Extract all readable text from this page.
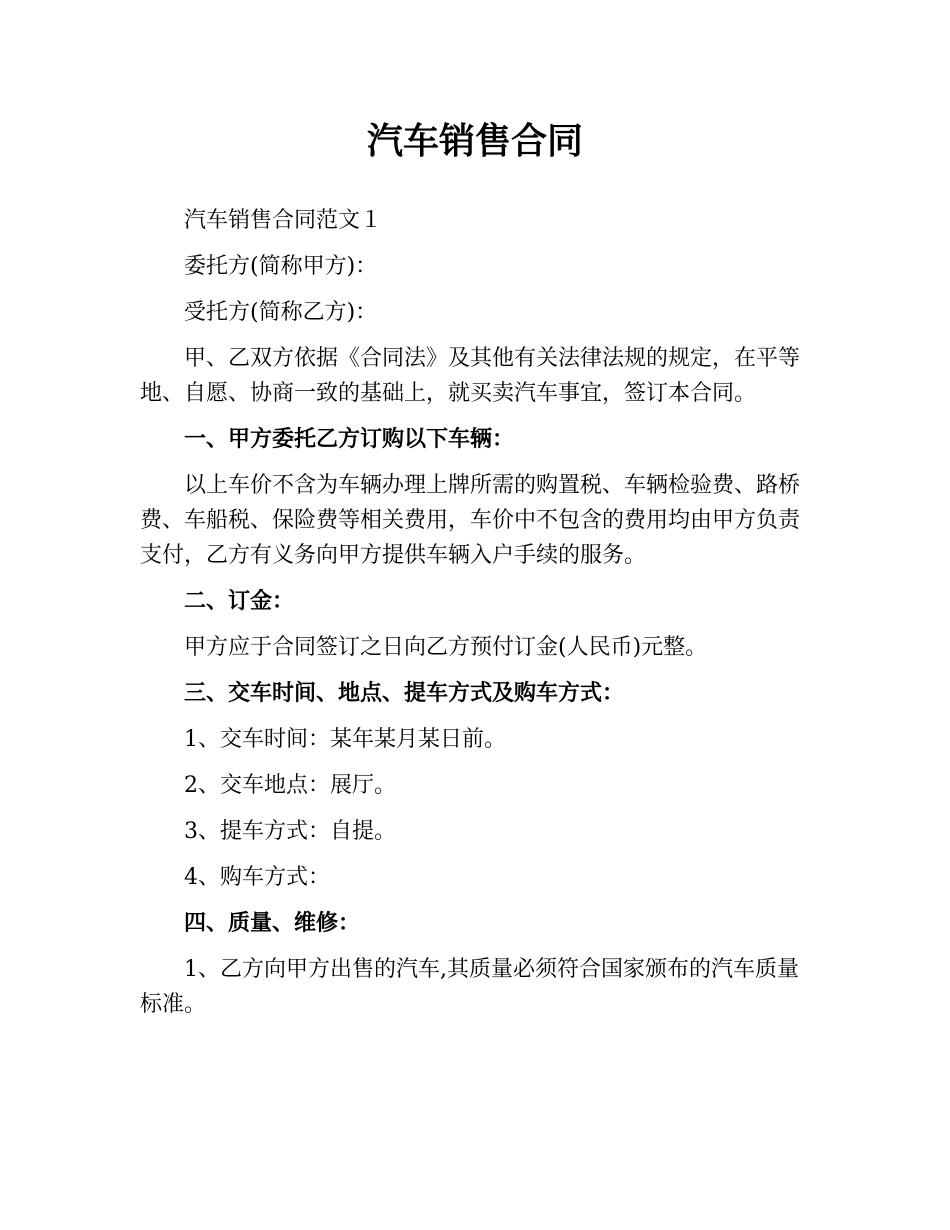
汽车销售合同

汽车销售合同范文１

委托方(简称甲方)：

受托方(简称乙方)：

甲、乙双方依据《合同法》及其他有关法律法规的规定，在平等地、自愿、协商一致的基础上，就买卖汽车事宜，签订本合同。

一、甲方委托乙方订购以下车辆：

以上车价不含为车辆办理上牌所需的购置税、车辆检验费、路桥费、车船税、保险费等相关费用，车价中不包含的费用均由甲方负责支付，乙方有义务向甲方提供车辆入户手续的服务。

二、订金：

甲方应于合同签订之日向乙方预付订金(人民币)元整。

三、交车时间、地点、提车方式及购车方式：

1、交车时间：某年某月某日前。

2、交车地点：展厅。

3、提车方式：自提。

4、购车方式：

四、质量、维修：

1、乙方向甲方出售的汽车,其质量必须符合国家颁布的汽车质量标准。
